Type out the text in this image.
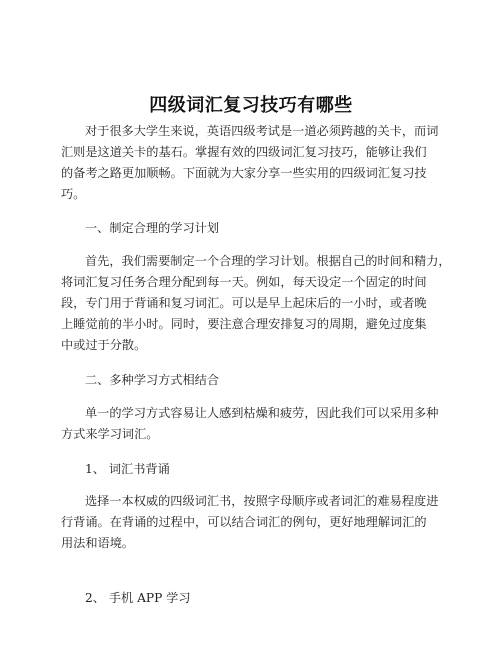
四级词汇复习技巧有哪些

对于很多大学生来说，英语四级考试是一道必须跨越的关卡，而词
汇则是这道关卡的基石。掌握有效的四级词汇复习技巧，能够让我们
的备考之路更加顺畅。下面就为大家分享一些实用的四级词汇复习技
巧。

一、制定合理的学习计划

首先，我们需要制定一个合理的学习计划。根据自己的时间和精力，
将词汇复习任务合理分配到每一天。例如，每天设定一个固定的时间
段，专门用于背诵和复习词汇。可以是早上起床后的一小时，或者晚
上睡觉前的半小时。同时，要注意合理安排复习的周期，避免过度集
中或过于分散。

二、多种学习方式相结合

单一的学习方式容易让人感到枯燥和疲劳，因此我们可以采用多种
方式来学习词汇。

1、 词汇书背诵

选择一本权威的四级词汇书，按照字母顺序或者词汇的难易程度进
行背诵。在背诵的过程中，可以结合词汇的例句，更好地理解词汇的
用法和语境。

2、 手机 APP 学习
